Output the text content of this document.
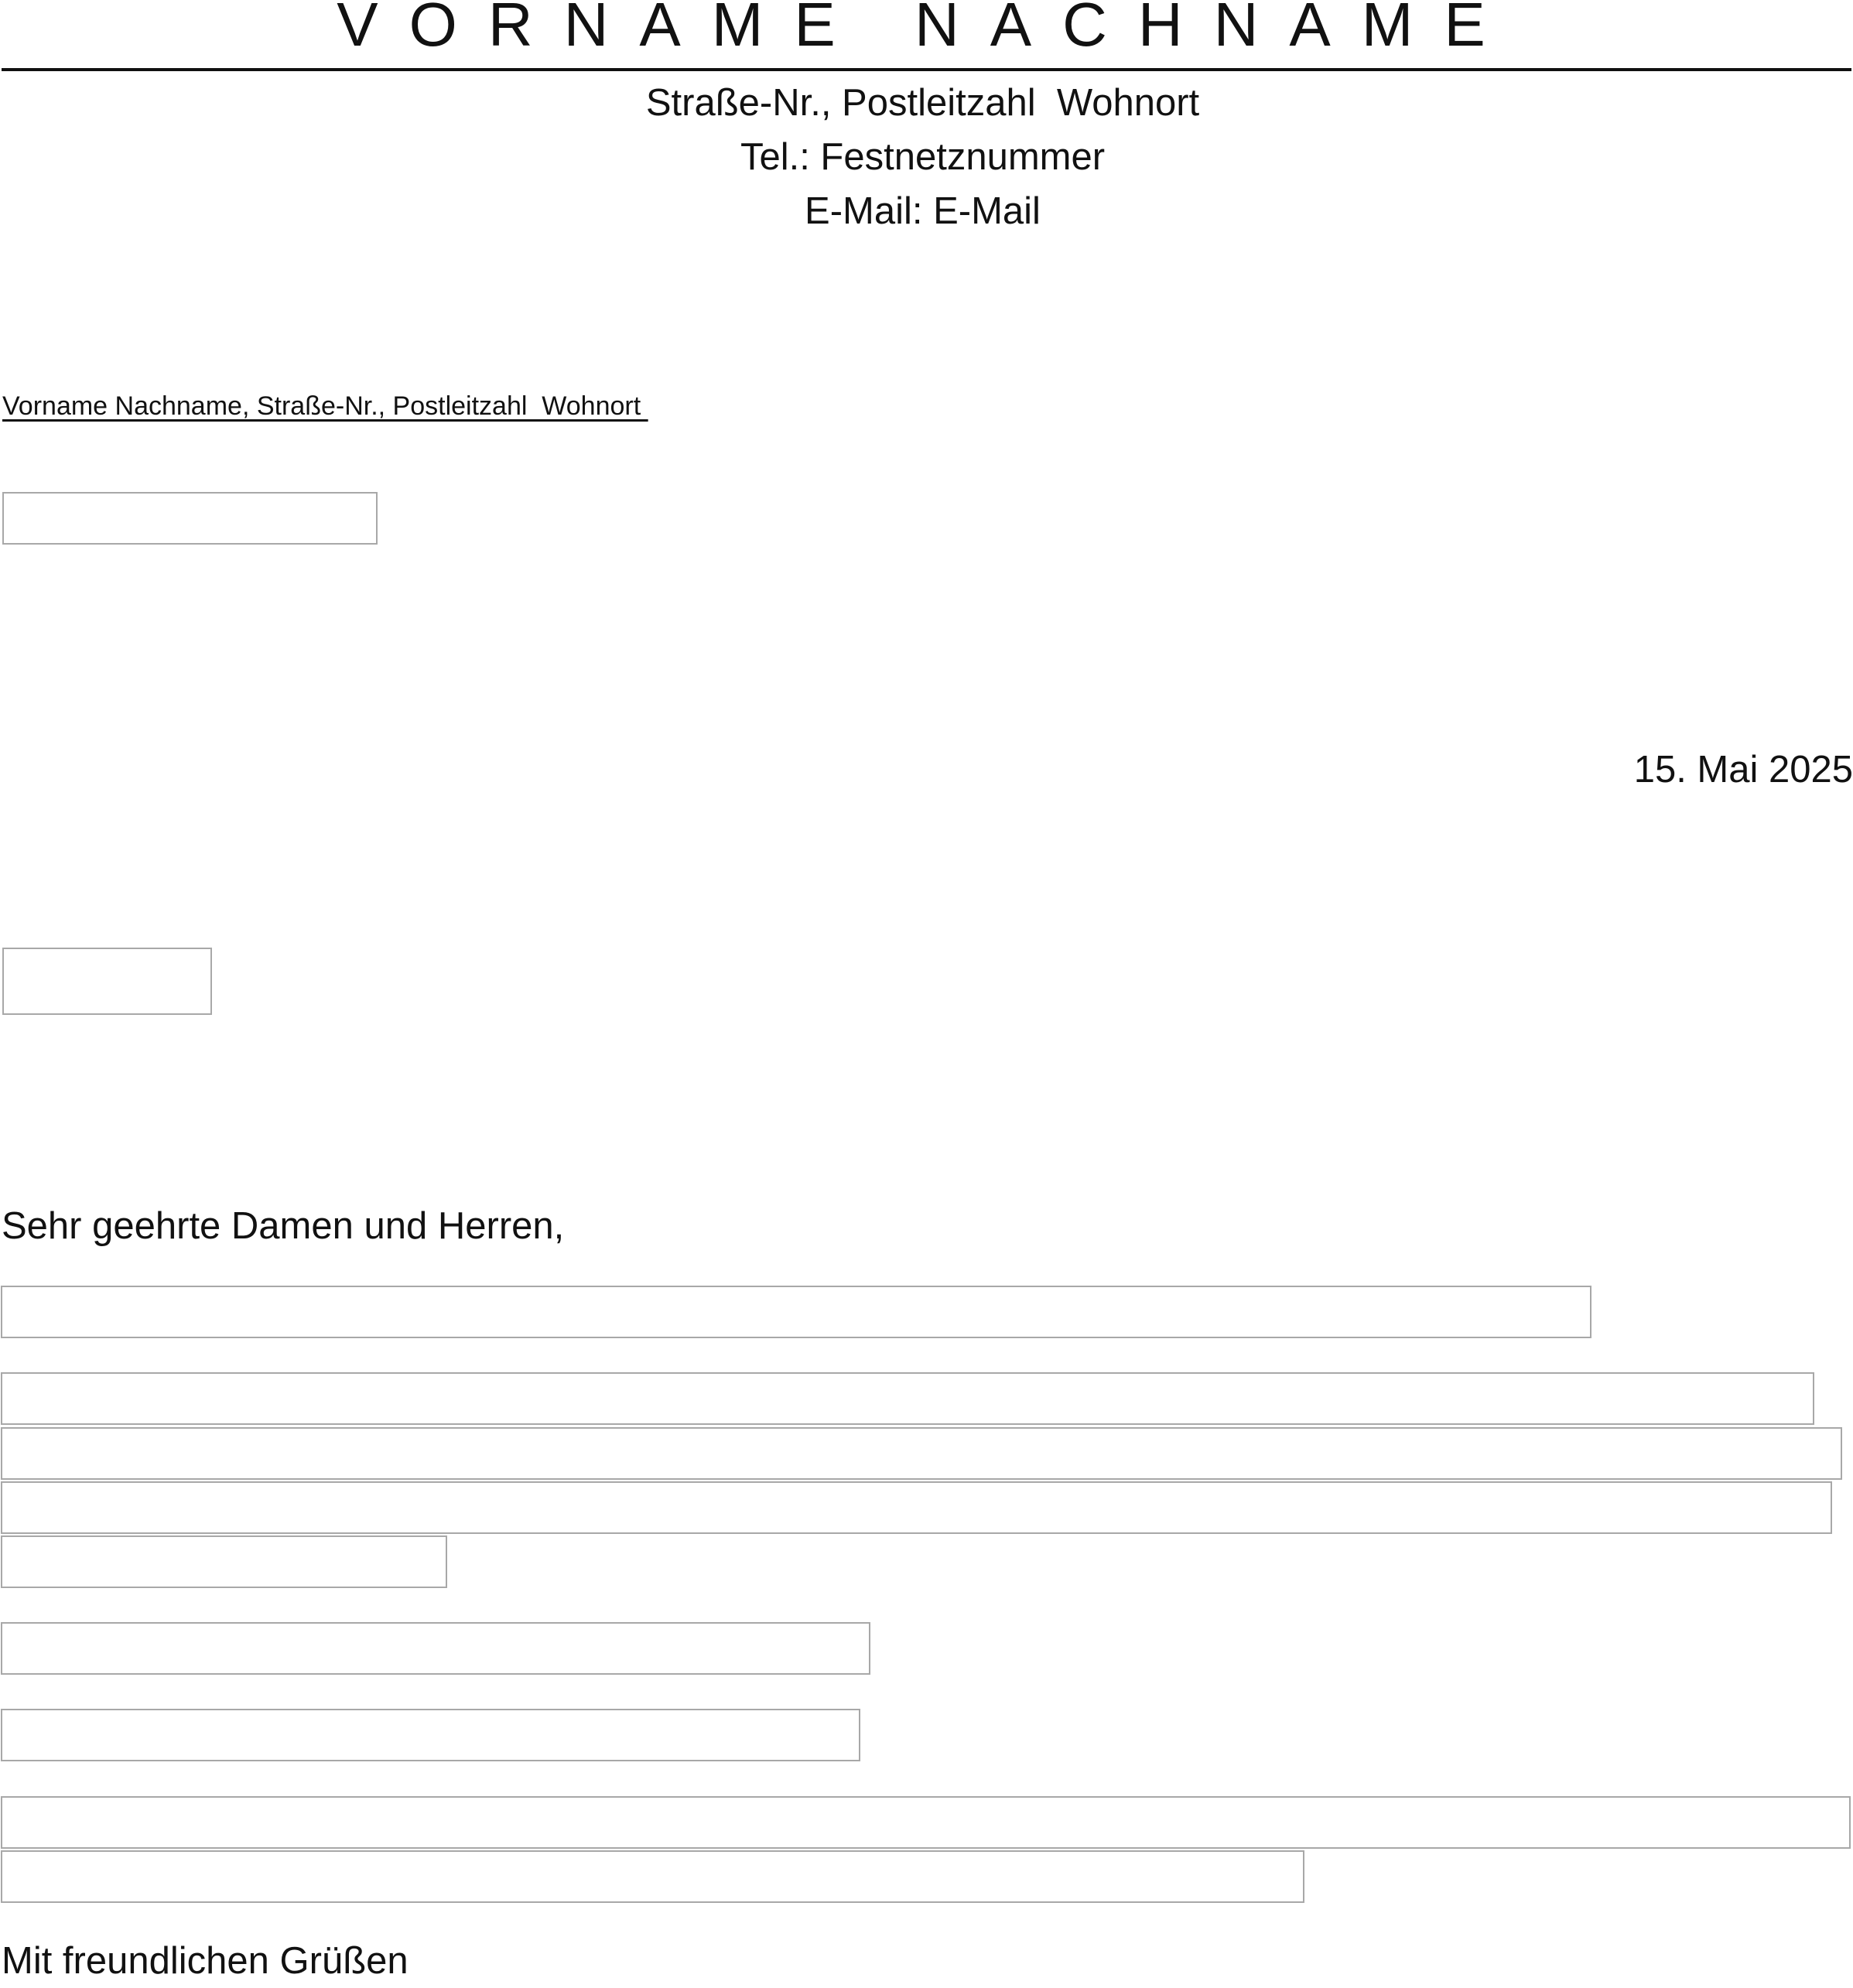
VORNAME NACHNAME
Straße-Nr., Postleitzahl  Wohnort
Tel.: Festnetznummer
E-Mail: E-Mail
Vorname Nachname, Straße-Nr., Postleitzahl  Wohnort
15. Mai 2025
Sehr geehrte Damen und Herren,
Mit freundlichen Grüßen
